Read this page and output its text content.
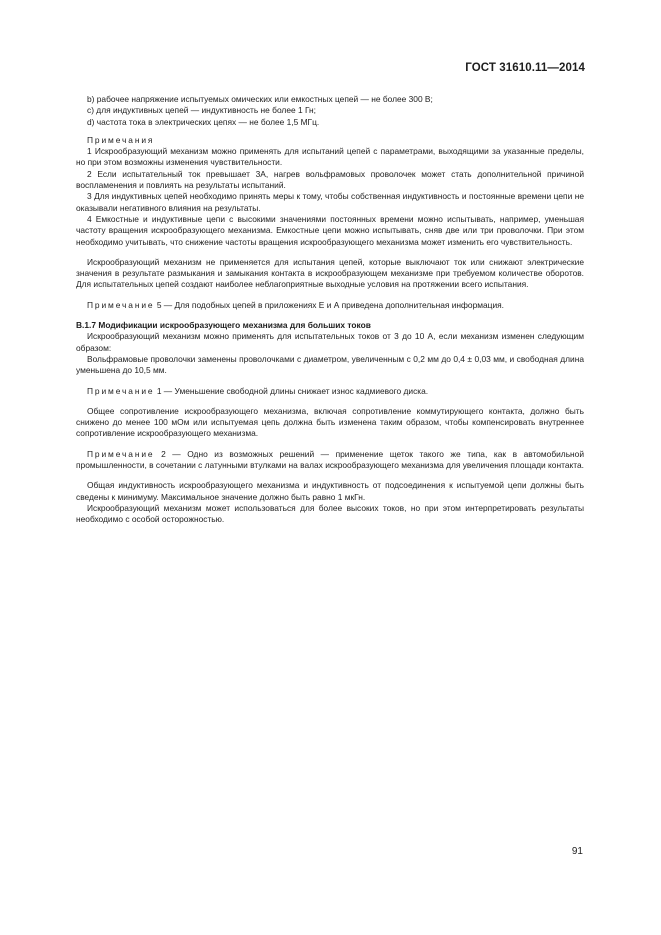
ГОСТ 31610.11—2014

b) рабочее напряжение испытуемых омических или емкостных цепей — не более 300 В;

c) для индуктивных цепей — индуктивность не более 1 Гн;

d) частота тока в электрических цепях — не более 1,5 МГц.

Примечания

1 Искрообразующий механизм можно применять для испытаний цепей с параметрами, выходящими за указанные пределы, но при этом возможны изменения чувствительности.

2 Если испытательный ток превышает 3А, нагрев вольфрамовых проволочек может стать дополнительной причиной воспламенения и повлиять на результаты испытаний.

3 Для индуктивных цепей необходимо принять меры к тому, чтобы собственная индуктивность и постоянные времени цепи не оказывали негативного влияния на результаты.

4 Емкостные и индуктивные цепи с высокими значениями постоянных времени можно испытывать, например, уменьшая частоту вращения искрообразующего механизма. Емкостные цепи можно испытывать, сняв две или три проволочки. При этом необходимо учитывать, что снижение частоты вращения искрообразующего механизма может изменить его чувствительность.

Искрообразующий механизм не применяется для испытания цепей, которые выключают ток или снижают электрические значения в результате размыкания и замыкания контакта в искрообразующем механизме при требуемом количестве оборотов. Для испытательных цепей создают наиболее неблагоприятные выходные условия на протяжении всего испытания.

Примечание 5 — Для подобных цепей в приложениях Е и А приведена дополнительная информация.

В.1.7 Модификации искрообразующего механизма для больших токов

Искрообразующий механизм можно применять для испытательных токов от 3 до 10 А, если механизм изменен следующим образом:

Вольфрамовые проволочки заменены проволочками с диаметром, увеличенным с 0,2 мм до 0,4 ± 0,03 мм, и свободная длина уменьшена до 10,5 мм.

Примечание 1 — Уменьшение свободной длины снижает износ кадмиевого диска.

Общее сопротивление искрообразующего механизма, включая сопротивление коммутирующего контакта, должно быть снижено до менее 100 мОм или испытуемая цепь должна быть изменена таким образом, чтобы компенсировать внутреннее сопротивление искрообразующего механизма.

Примечание 2 — Одно из возможных решений — применение щеток такого же типа, как в автомобильной промышленности, в сочетании с латунными втулками на валах искрообразующего механизма для увеличения площади контакта.

Общая индуктивность искрообразующего механизма и индуктивность от подсоединения к испытуемой цепи должны быть сведены к минимуму. Максимальное значение должно быть равно 1 мкГн.

Искрообразующий механизм может использоваться для более высоких токов, но при этом интерпретировать результаты необходимо с особой осторожностью.

91
